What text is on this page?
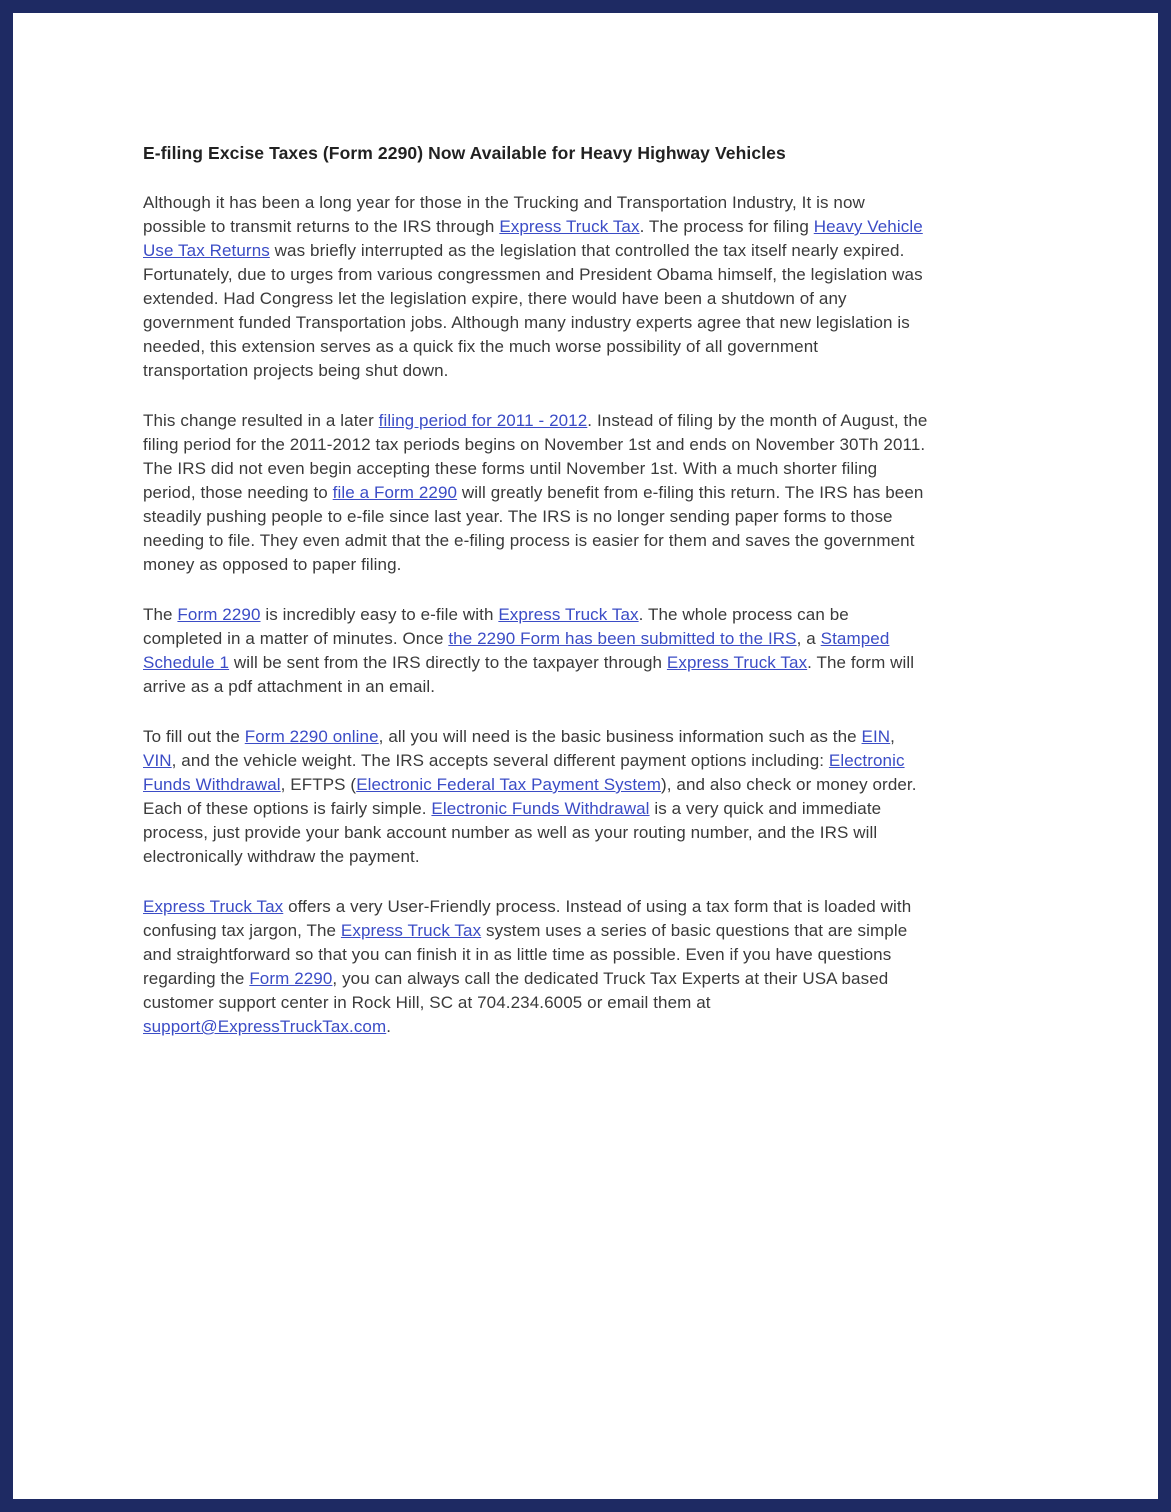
E-filing Excise Taxes (Form 2290) Now Available for Heavy Highway Vehicles

Although it has been a long year for those in the Trucking and Transportation Industry, It is now possible to transmit returns to the IRS through Express Truck Tax. The process for filing Heavy Vehicle Use Tax Returns was briefly interrupted as the legislation that controlled the tax itself nearly expired. Fortunately, due to urges from various congressmen and President Obama himself, the legislation was extended. Had Congress let the legislation expire, there would have been a shutdown of any government funded Transportation jobs. Although many industry experts agree that new legislation is needed, this extension serves as a quick fix the much worse possibility of all government transportation projects being shut down.

This change resulted in a later filing period for 2011 - 2012. Instead of filing by the month of August, the filing period for the 2011-2012 tax periods begins on November 1st and ends on November 30Th 2011. The IRS did not even begin accepting these forms until November 1st. With a much shorter filing period, those needing to file a Form 2290 will greatly benefit from e-filing this return. The IRS has been steadily pushing people to e-file since last year. The IRS is no longer sending paper forms to those needing to file. They even admit that the e-filing process is easier for them and saves the government money as opposed to paper filing.

The Form 2290 is incredibly easy to e-file with Express Truck Tax. The whole process can be completed in a matter of minutes. Once the 2290 Form has been submitted to the IRS, a Stamped Schedule 1 will be sent from the IRS directly to the taxpayer through Express Truck Tax. The form will arrive as a pdf attachment in an email.

To fill out the Form 2290 online, all you will need is the basic business information such as the EIN, VIN, and the vehicle weight. The IRS accepts several different payment options including: Electronic Funds Withdrawal, EFTPS (Electronic Federal Tax Payment System), and also check or money order. Each of these options is fairly simple. Electronic Funds Withdrawal is a very quick and immediate process, just provide your bank account number as well as your routing number, and the IRS will electronically withdraw the payment.

Express Truck Tax offers a very User-Friendly process. Instead of using a tax form that is loaded with confusing tax jargon, The Express Truck Tax system uses a series of basic questions that are simple and straightforward so that you can finish it in as little time as possible. Even if you have questions regarding the Form 2290, you can always call the dedicated Truck Tax Experts at their USA based customer support center in Rock Hill, SC at 704.234.6005 or email them at support@ExpressTruckTax.com.
